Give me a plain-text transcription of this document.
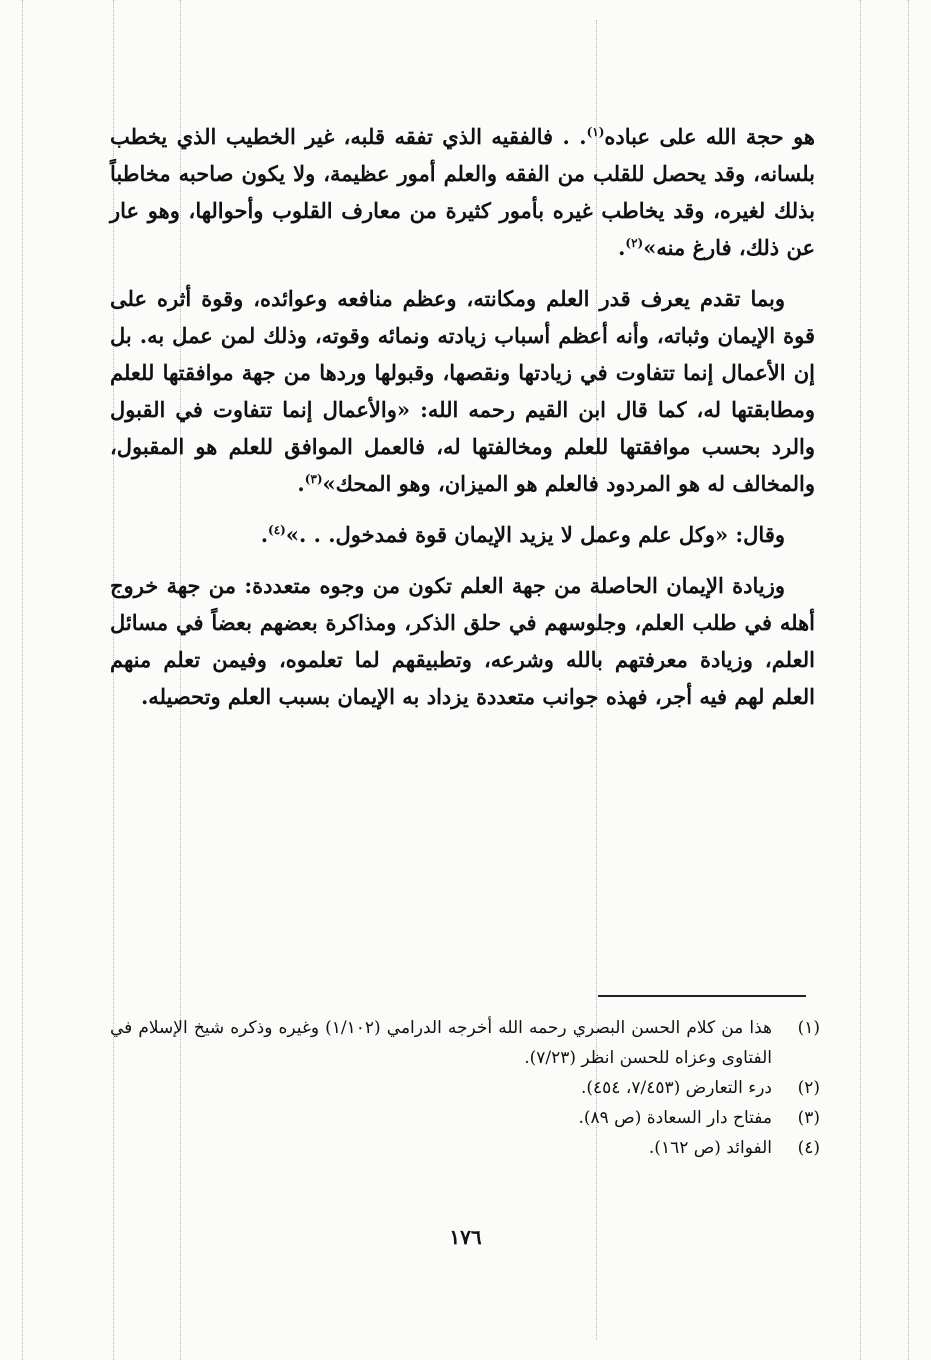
هو حجة الله على عباده$^{(١)}$. . فالفقيه الذي تفقه قلبه، غير الخطيب الذي يخطب بلسانه، وقد يحصل للقلب من الفقه والعلم أمور عظيمة، ولا يكون صاحبه مخاطباً بذلك لغيره، وقد يخاطب غيره بأمور كثيرة من معارف القلوب وأحوالها، وهو عار عن ذلك، فارغ منه»$^{(٢)}$.

وبما تقدم يعرف قدر العلم ومكانته، وعظم منافعه وعوائده، وقوة أثره على قوة الإيمان وثباته، وأنه أعظم أسباب زيادته ونمائه وقوته، وذلك لمن عمل به. بل إن الأعمال إنما تتفاوت في زيادتها ونقصها، وقبولها وردها من جهة موافقتها للعلم ومطابقتها له، كما قال ابن القيم رحمه الله: «والأعمال إنما تتفاوت في القبول والرد بحسب موافقتها للعلم ومخالفتها له، فالعمل الموافق للعلم هو المقبول، والمخالف له هو المردود فالعلم هو الميزان، وهو المحك»$^{(٣)}$.

وقال: «وكل علم وعمل لا يزيد الإيمان قوة فمدخول. . .»$^{(٤)}$.

وزيادة الإيمان الحاصلة من جهة العلم تكون من وجوه متعددة: من جهة خروج أهله في طلب العلم، وجلوسهم في حلق الذكر، ومذاكرة بعضهم بعضاً في مسائل العلم، وزيادة معرفتهم بالله وشرعه، وتطبيقهم لما تعلموه، وفيمن تعلم منهم العلم لهم فيه أجر، فهذه جوانب متعددة يزداد به الإيمان بسبب العلم وتحصيله.

(١)
هذا من كلام الحسن البصري رحمه الله أخرجه الدرامي (١/١٠٢) وغيره وذكره شيخ الإسلام في الفتاوى وعزاه للحسن انظر (٧/٢٣).
(٢)
درء التعارض (٧/٤٥٣، ٤٥٤).
(٣)
مفتاح دار السعادة (ص ٨٩).
(٤)
الفوائد (ص ١٦٢).
١٧٦
